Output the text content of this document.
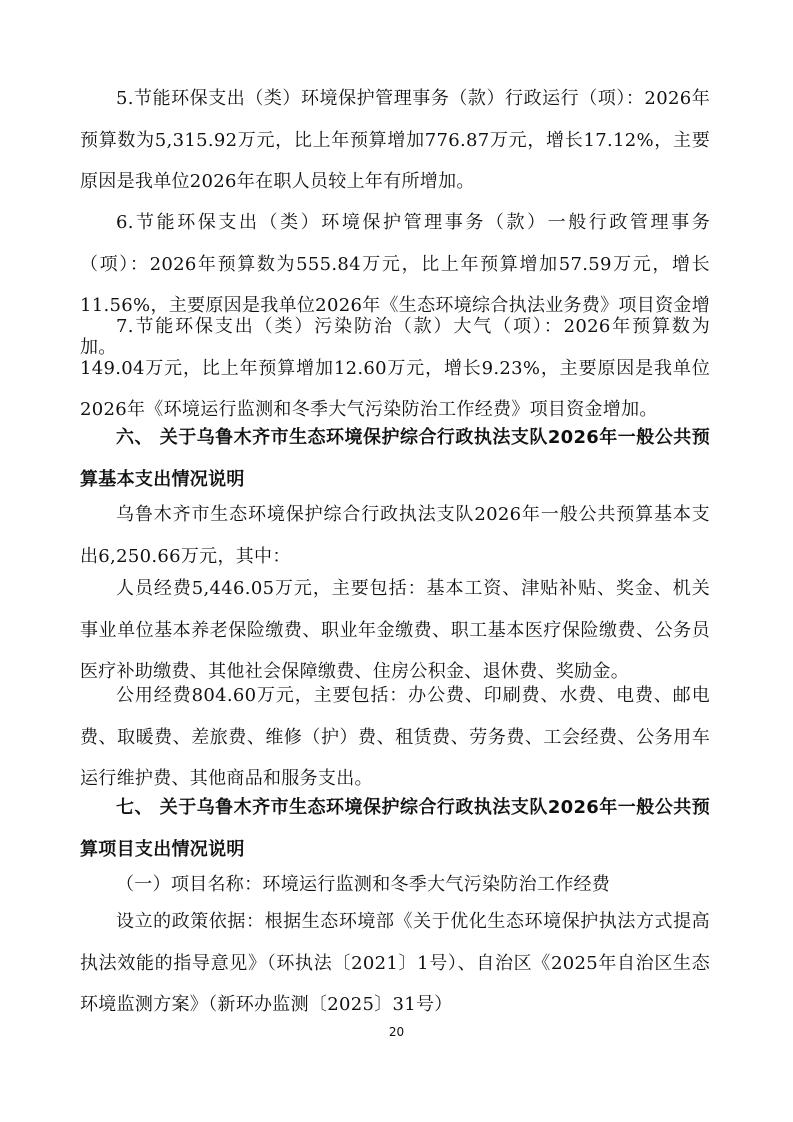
5.节能环保支出（类）环境保护管理事务（款）行政运行（项）：2026年预算数为5,315.92万元，比上年预算增加776.87万元，增长17.12%，主要原因是我单位2026年在职人员较上年有所增加。

6.节能环保支出（类）环境保护管理事务（款）一般行政管理事务（项）：2026年预算数为555.84万元，比上年预算增加57.59万元，增长11.56%，主要原因是我单位2026年《生态环境综合执法业务费》项目资金增加。

7.节能环保支出（类）污染防治（款）大气（项）：2026年预算数为149.04万元，比上年预算增加12.60万元，增长9.23%，主要原因是我单位2026年《环境运行监测和冬季大气污染防治工作经费》项目资金增加。

六、 关于乌鲁木齐市生态环境保护综合行政执法支队2026年一般公共预算基本支出情况说明

乌鲁木齐市生态环境保护综合行政执法支队2026年一般公共预算基本支出6,250.66万元，其中：

人员经费5,446.05万元，主要包括：基本工资、津贴补贴、奖金、机关事业单位基本养老保险缴费、职业年金缴费、职工基本医疗保险缴费、公务员医疗补助缴费、其他社会保障缴费、住房公积金、退休费、奖励金。

公用经费804.60万元，主要包括：办公费、印刷费、水费、电费、邮电费、取暖费、差旅费、维修（护）费、租赁费、劳务费、工会经费、公务用车运行维护费、其他商品和服务支出。

七、 关于乌鲁木齐市生态环境保护综合行政执法支队2026年一般公共预算项目支出情况说明

（一）项目名称：环境运行监测和冬季大气污染防治工作经费

设立的政策依据：根据生态环境部《关于优化生态环境保护执法方式提高执法效能的指导意见》（环执法〔2021〕1号）、自治区《2025年自治区生态环境监测方案》（新环办监测〔2025〕31号）

20
